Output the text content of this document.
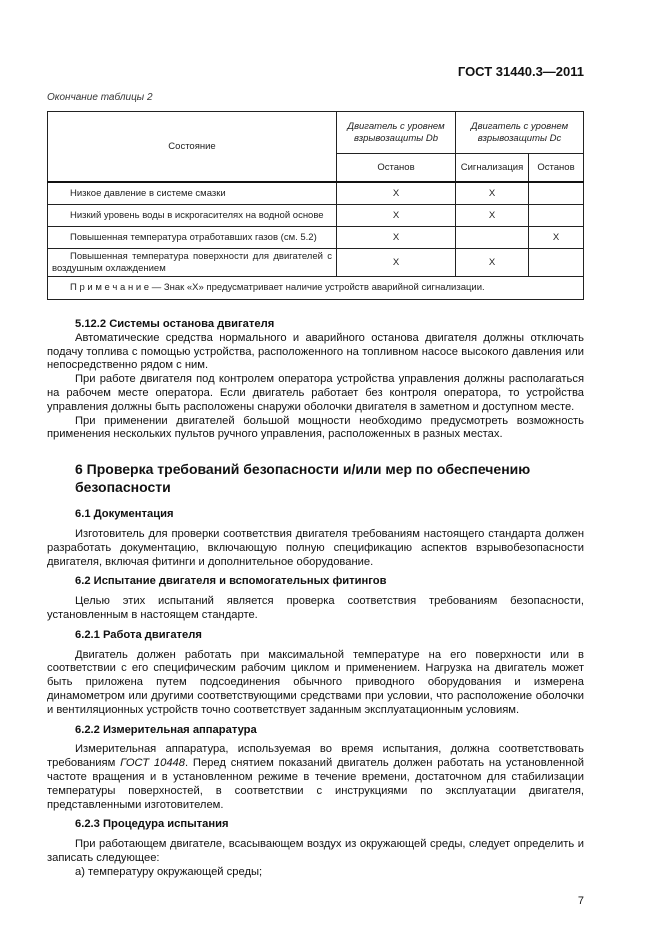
ГОСТ 31440.3—2011
Окончание таблицы 2
Состояние	Двигатель с уровнем взрывозащиты Db	Двигатель с уровнем взрывозащиты Dc	
	Останов	Сигнализация	Останов
Низкое давление в системе смазки	X	X	
Низкий уровень воды в искрогасителях на водной основе	X	X	
Повышенная температура отработавших газов (см. 5.2)	X		X
Повышенная температура поверхности для двигателей с воздушным охлаждением	X	X	
П р и м е ч а н и е — Знак «X» предусматривает наличие устройств аварийной сигнализации.			
5.12.2 Системы останова двигателя

Автоматические средства нормального и аварийного останова двигателя должны отключать подачу топлива с помощью устройства, расположенного на топливном насосе высокого давления или непосредственно рядом с ним.

При работе двигателя под контролем оператора устройства управления должны располагаться на рабочем месте оператора. Если двигатель работает без контроля оператора, то устройства управления должны быть расположены снаружи оболочки двигателя в заметном и доступном месте.

При применении двигателей большой мощности необходимо предусмотреть возможность применения нескольких пультов ручного управления, расположенных в разных местах.

6 Проверка требований безопасности и/или мер по обеспечению безопасности
6.1 Документация

Изготовитель для проверки соответствия двигателя требованиям настоящего стандарта должен разработать документацию, включающую полную спецификацию аспектов взрывобезопасности двигателя, включая фитинги и дополнительное оборудование.

6.2 Испытание двигателя и вспомогательных фитингов

Целью этих испытаний является проверка соответствия требованиям безопасности, установленным в настоящем стандарте.

6.2.1 Работа двигателя

Двигатель должен работать при максимальной температуре на его поверхности или в соответствии с его специфическим рабочим циклом и применением. Нагрузка на двигатель может быть приложена путем подсоединения обычного приводного оборудования и измерена динамометром или другими соответствующими средствами при условии, что расположение оболочки и вентиляционных устройств точно соответствует заданным эксплуатационным условиям.

6.2.2 Измерительная аппаратура

Измерительная аппаратура, используемая во время испытания, должна соответствовать требованиям ГОСТ 10448. Перед снятием показаний двигатель должен работать на установленной частоте вращения и в установленном режиме в течение времени, достаточном для стабилизации температуры поверхностей, в соответствии с инструкциями по эксплуатации двигателя, представленными изготовителем.

6.2.3 Процедура испытания

При работающем двигателе, всасывающем воздух из окружающей среды, следует определить и записать следующее:

а) температуру окружающей среды;

7
